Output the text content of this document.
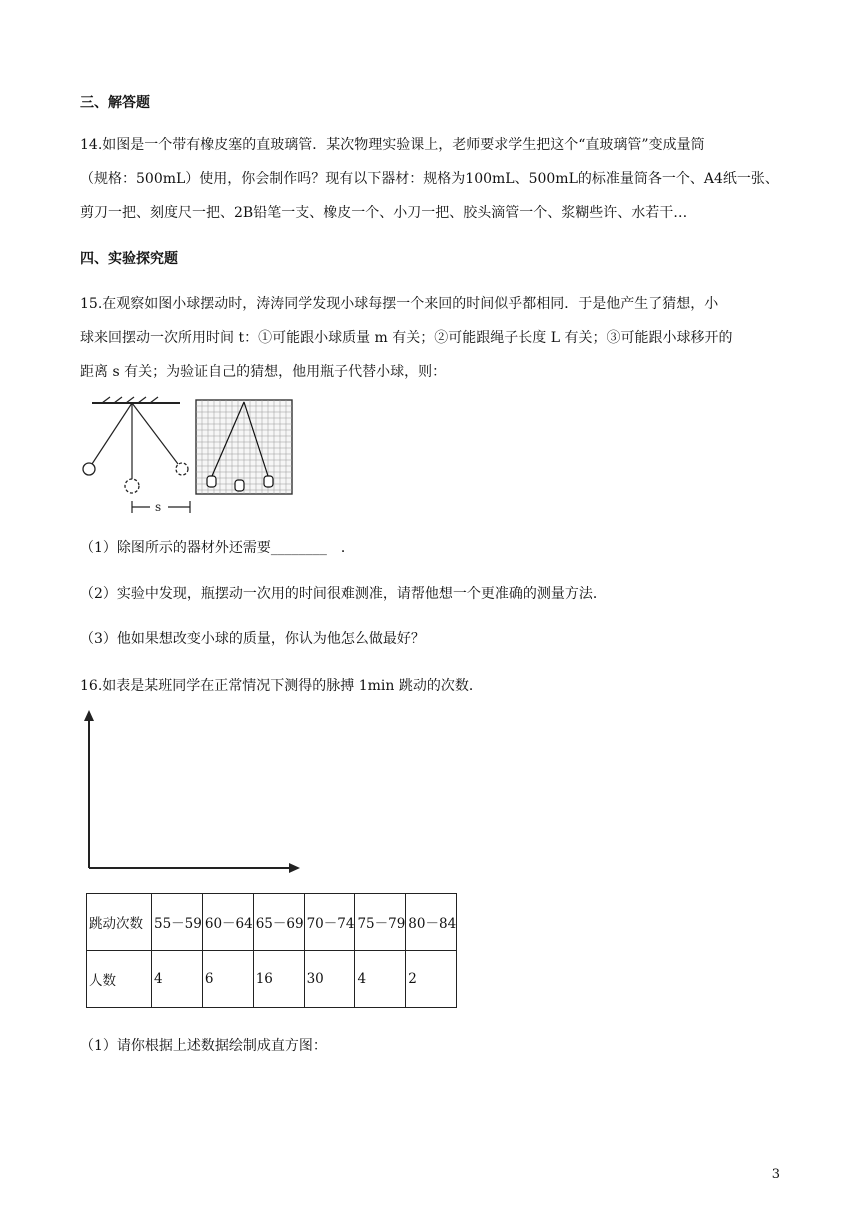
三、解答题
14.如图是一个带有橡皮塞的直玻璃管．某次物理实验课上，老师要求学生把这个“直玻璃管”变成量筒
（规格：500mL）使用，你会制作吗？现有以下器材：规格为100mL、500mL的标准量筒各一个、A4纸一张、
剪刀一把、刻度尺一把、2B铅笔一支、橡皮一个、小刀一把、胶头滴管一个、浆糊些许、水若干…
四、实验探究题
15.在观察如图小球摆动时，涛涛同学发现小球每摆一个来回的时间似乎都相同．于是他产生了猜想，小
球来回摆动一次所用时间 t：①可能跟小球质量 m 有关；②可能跟绳子长度 L 有关；③可能跟小球移开的
距离 s 有关；为验证自己的猜想，他用瓶子代替小球，则：
s
（1）除图所示的器材外还需要________　．
（2）实验中发现，瓶摆动一次用的时间很难测准，请帮他想一个更准确的测量方法．
（3）他如果想改变小球的质量，你认为他怎么做最好？
16.如表是某班同学在正常情况下测得的脉搏 1min 跳动的次数．
跳动次数	55－59	60－64	65－69	70－74	75－79	80－84
人数	4	6	16	30	4	2
（1）请你根据上述数据绘制成直方图：
3
